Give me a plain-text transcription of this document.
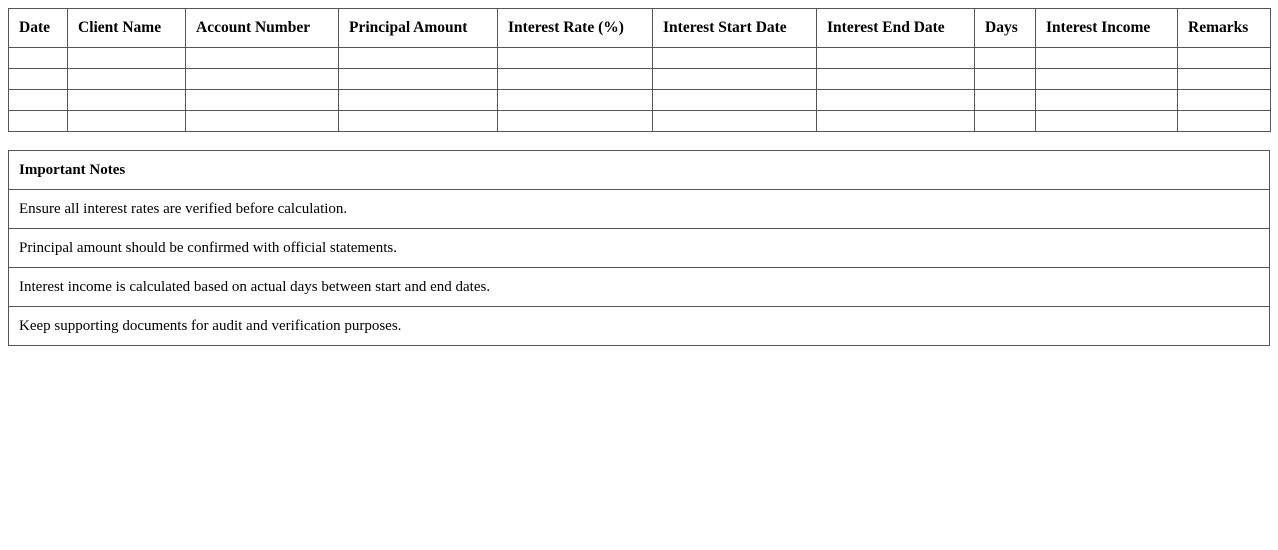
Date	Client Name	Account Number	Principal Amount	Interest Rate (%)	Interest Start Date	Interest End Date	Days	Interest Income	Remarks

Important Notes
Ensure all interest rates are verified before calculation.
Principal amount should be confirmed with official statements.
Interest income is calculated based on actual days between start and end dates.
Keep supporting documents for audit and verification purposes.
